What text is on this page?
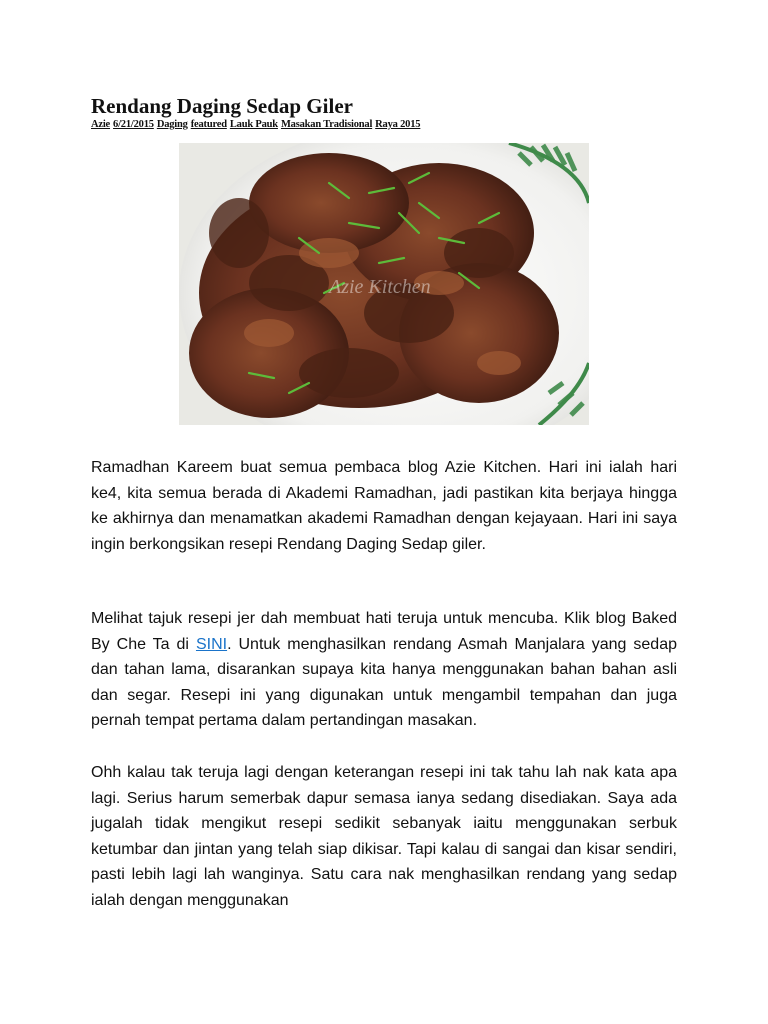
Rendang Daging Sedap Giler
Azie 6/21/2015 Daging featured Lauk Pauk Masakan Tradisional Raya 2015
Azie Kitchen

Ramadhan Kareem buat semua pembaca blog Azie Kitchen. Hari ini ialah hari ke4, kita semua berada di Akademi Ramadhan, jadi pastikan kita berjaya hingga ke akhirnya dan menamatkan akademi Ramadhan dengan kejayaan. Hari ini saya ingin berkongsikan resepi Rendang Daging Sedap giler.

Melihat tajuk resepi jer dah membuat hati teruja untuk mencuba. Klik blog Baked By Che Ta di SINI. Untuk menghasilkan rendang Asmah Manjalara yang sedap dan tahan lama, disarankan supaya kita hanya menggunakan bahan bahan asli dan segar. Resepi ini yang digunakan untuk mengambil tempahan dan juga pernah tempat pertama dalam pertandingan masakan.

Ohh kalau tak teruja lagi dengan keterangan resepi ini tak tahu lah nak kata apa lagi. Serius harum semerbak dapur semasa ianya sedang disediakan. Saya ada jugalah tidak mengikut resepi sedikit sebanyak iaitu menggunakan serbuk ketumbar dan jintan yang telah siap dikisar. Tapi kalau di sangai dan kisar sendiri, pasti lebih lagi lah wanginya. Satu cara nak menghasilkan rendang yang sedap ialah dengan menggunakan
